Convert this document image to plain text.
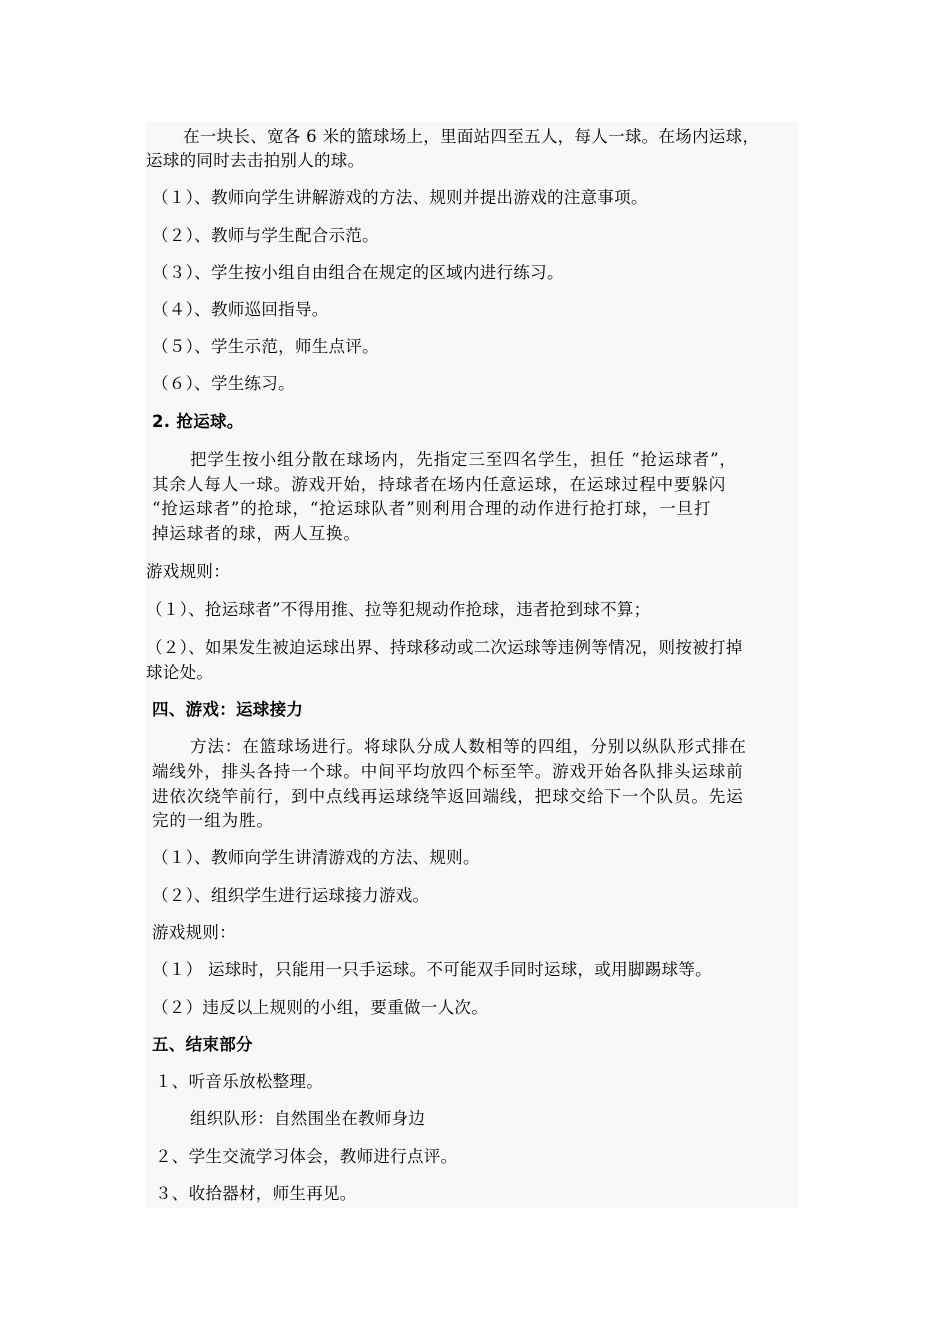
在一块长、宽各 6 米的篮球场上，里面站四至五人，每人一球。在场内运球，
运球的同时去击拍别人的球。
（１）、教师向学生讲解游戏的方法、规则并提出游戏的注意事项。
（２）、教师与学生配合示范。
（３）、学生按小组自由组合在规定的区域内进行练习。
（４）、教师巡回指导。
（５）、学生示范，师生点评。
（６）、学生练习。
2. 抢运球。
把学生按小组分散在球场内，先指定三至四名学生，担任 “抢运球者”，
其余人每人一球。游戏开始，持球者在场内任意运球，在运球过程中要躲闪
“抢运球者”的抢球，“抢运球队者”则利用合理的动作进行抢打球，一旦打
掉运球者的球，两人互换。
游戏规则：
（１）、抢运球者”不得用推、拉等犯规动作抢球，违者抢到球不算；
（２）、如果发生被迫运球出界、持球移动或二次运球等违例等情况，则按被打掉
球论处。
四、游戏：运球接力
方法：在篮球场进行。将球队分成人数相等的四组，分别以纵队形式排在
端线外，排头各持一个球。中间平均放四个标至竿。游戏开始各队排头运球前
进依次绕竿前行，到中点线再运球绕竿返回端线，把球交给下一个队员。先运
完的一组为胜。
（１）、教师向学生讲清游戏的方法、规则。
（２）、组织学生进行运球接力游戏。
游戏规则：
（１） 运球时，只能用一只手运球。不可能双手同时运球，或用脚踢球等。
（２）违反以上规则的小组，要重做一人次。
五、结束部分
１、听音乐放松整理。
组织队形：自然围坐在教师身边
２、学生交流学习体会，教师进行点评。
３、收拾器材，师生再见。
